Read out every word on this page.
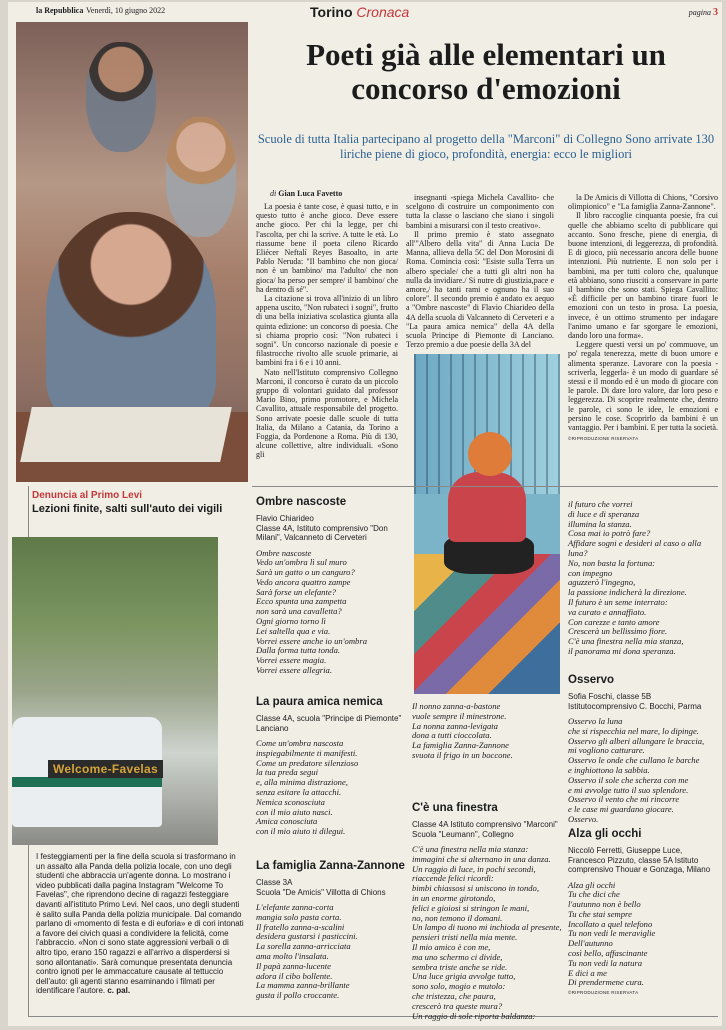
la Repubblica Venerdì, 10 giugno 2022	Torino Cronaca	pagina 3
Poeti già alle elementari un concorso d'emozioni
Scuole di tutta Italia partecipano al progetto della "Marconi" di Collegno Sono arrivate 130 liriche piene di gioco, profondità, energia: ecco le migliori
di Gian Luca Favetto

La poesia è tante cose, è quasi tutto, e in questo tutto è anche gioco. Deve essere anche gioco. Per chi la legge, per chi l'ascolta, per chi la scrive. A tutte le età. Lo riassume bene il poeta cileno Ricardo Eliécer Neftalí Reyes Basoalto, in arte Pablo Neruda: "Il bambino che non gioca/ non è un bambino/ ma l'adulto/ che non gioca/ ha perso per sempre/ il bambino/ che ha dentro di sé".

La citazione si trova all'inizio di un libro appena uscito, "Non rubateci i sogni", frutto di una bella iniziativa scolastica giunta alla quinta edizione: un concorso di poesia. Che si chiama proprio così: "Non rubateci i sogni". Un concorso nazionale di poesie e filastrocche rivolto alle scuole primarie, ai bambini fra i 6 e i 10 anni.

Nato nell'Istituto comprensivo Collegno Marconi, il concorso è curato da un piccolo gruppo di volontari guidato dal professor Mario Bino, primo promotore, e Michela Cavallito, attuale responsabile del progetto. Sono arrivate poesie dalle scuole di tutta Italia, da Milano a Catania, da Torino a Foggia, da Pordenone a Roma. Più di 130, alcune collettive, altre individuali. «Sono gli

insegnanti -spiega Michela Cavallito- che scelgono di costruire un componimento con tutta la classe o lasciano che siano i singoli bambini a misurarsi con il testo creativo».

Il primo premio è stato assegnato all'"Albero della vita" di Anna Lucia De Manna, allieva della 5C del Don Morosini di Roma. Comincia così: "Esiste sulla Terra un albero speciale/ che a tutti gli altri non ha nulla da invidiare./ Si nutre di giustizia,pace e amore,/ ha tanti rami e ognuno ha il suo colore". Il secondo premio è andato ex aequo a "Ombre nascoste" di Flavio Chiarideo della 4A della scuola di Valcanneto di Cerveteri e a "La paura amica nemica" della 4A della scuola Principe di Piemonte di Lanciano. Terzo premio a due poesie della 3A del

la De Amicis di Villotta di Chions, "Corsivo olimpionico" e "La famiglia Zanna-Zannone".

Il libro raccoglie cinquanta poesie, fra cui quelle che abbiamo scelto di pubblicare qui accanto. Sono fresche, piene di energia, di buone intenzioni, di leggerezza, di profondità. E di gioco, più necessario ancora delle buone intenzioni. Più nutriente. E non solo per i bambini, ma per tutti coloro che, qualunque età abbiano, sono riusciti a conservare in parte il bambino che sono stati. Spiega Cavallito: «È difficile per un bambino tirare fuori le emozioni con un testo in prosa. La poesia, invece, è un ottimo strumento per indagare l'animo umano e far sgorgare le emozioni, dando loro una forma».

Leggere questi versi un po' commuove, un po' regala tenerezza, mette di buon umore e alimenta speranze. Lavorare con la poesia -scriverla, leggerla- è un modo di guardare sé stessi e il mondo ed è un modo di giocare con le parole. Di dare loro valore, dar loro peso e leggerezza. Di scoprire realmente che, dentro le parole, ci sono le idee, le emozioni e persino le cose. Scoprirlo da bambini è un vantaggio. Per i bambini. E per tutta la società.

©RIPRODUZIONE RISERVATA
Denuncia al Primo Levi
Lezioni finite, salti sull'auto dei vigili
Welcome-Favelas
I festeggiamenti per la fine della scuola si trasformano in un assalto alla Panda della polizia locale, con uno degli studenti che abbraccia un'agente donna. Lo mostrano i video pubblicati dalla pagina Instagram "Welcome To Favelas", che riprendono decine di ragazzi festeggiare davanti all'istituto Primo Levi. Nel caos, uno degli studenti è salito sulla Panda della polizia municipale. Dal comando parlano di «momento di festa e di euforia» e di cori intonati a favore dei civich quasi a condividere la felicità, come l'abbraccio. «Non ci sono state aggressioni verbali o di altro tipo, erano 150 ragazzi e all'arrivo a disperdersi si sono allontanati». Sarà comunque presentata denuncia contro ignoti per le ammaccature causate al tettuccio dell'auto: gli agenti stanno esaminando i filmati per identificare l'autore. c. pal.
Ombre nascoste
Flavio Chiarideo
Classe 4A, Istituto comprensivo "Don Milani", Valcanneto di Cerveteri
Ombre nascoste
Vedo un'ombra lì sul muro
Sarà un gatto o un canguro?
Vedo ancora quattro zampe
Sarà forse un elefante?
Ecco spunta una zampetta
non sarà una cavalletta?
Ogni giorno torno lì
Lei saltella qua e via.
Vorrei essere anche io un'ombra
Dalla forma tutta tonda.
Vorrei essere magia.
Vorrei essere allegria.
La paura amica nemica
Classe 4A, scuola "Principe di Piemonte" Lanciano
Come un'ombra nascosta
inspiegabilmente ti manifesti.
Come un predatore silenzioso
la tua preda segui
e, alla minima distrazione,
senza esitare la attacchi.
Nemica sconosciuta
con il mio aiuto nasci.
Amica conosciuta
con il mio aiuto ti dilegui.
La famiglia Zanna-Zannone
Classe 3A
Scuola "De Amicis" Villotta di Chions
L'elefante zanna-corta
mangia solo pasta corta.
Il fratello zanna-a-scalini
desidera gustarsi i pasticcini.
La sorella zanna-arricciata
ama molto l'insalata.
Il papà zanna-lucente
adora il cibo bollente.
La mamma zanna-brillante
gusta il pollo croccante.
Il nonno zanna-a-bastone
vuole sempre il minestrone.
La nonna zanna-levigata
dona a tutti cioccolata.
La famiglia Zanna-Zannone
svuota il frigo in un boccone.
C'è una finestra
Classe 4A Istituto comprensivo "Marconi" Scuola "Leumann", Collegno
C'è una finestra nella mia stanza:
immagini che si alternano in una danza.
Un raggio di luce, in pochi secondi,
riaccende felici ricordi:
bimbi chiassosi si uniscono in tondo,
in un enorme girotondo,
felici e gioiosi si stringon le mani,
no, non temono il domani.
Un lampo di tuono mi inchioda al presente,
pensieri tristi nella mia mente.
Il mio amico è con me,
ma uno schermo ci divide,
sembra triste anche se ride.
Una luce grigia avvolge tutto,
sono solo, mogio e mutolo:
che tristezza, che paura,
crescerò tra queste mura?
Un raggio di sole riporta baldanza:
il futuro che vorrei
di luce e di speranza
illumina la stanza.
Cosa mai io potrò fare?
Affidare sogni e desideri al caso o alla luna?
No, non basta la fortuna:
con impegno
aguzzerò l'ingegno,
la passione indicherà la direzione.
Il futuro è un seme interrato:
va curato e annaffiato.
Con carezze e tanto amore
Crescerà un bellissimo fiore.
C'è una finestra nella mia stanza,
il panorama mi dona speranza.
Osservo
Sofia Foschi, classe 5B
Istitutocomprensivo C. Bocchi, Parma
Osservo la luna
che si rispecchia nel mare, lo dipinge.
Osservo gli alberi allungare le braccia,
mi vogliono catturare.
Osservo le onde che cullano le barche
e inghiottono la sabbia.
Osservo il sole che scherza con me
e mi avvolge tutto il suo splendore.
Osservo il vento che mi rincorre
e le case mi guardano giocare.
Osservo.
Alza gli occhi
Niccolò Ferretti, Giuseppe Luce, Francesco Pizzuto, classe 5A Istituto comprensivo Thouar e Gonzaga, Milano
Alza gli occhi
Tu che dici che
l'autunno non è bello
Tu che stai sempre
Incollato a quel telefono
Tu non vedi le meraviglie
Dell'autunno
così bello, affascinante
Tu non vedi la natura
E dici a me
Di prendermene cura.
©RIPRODUZIONE RISERVATA
